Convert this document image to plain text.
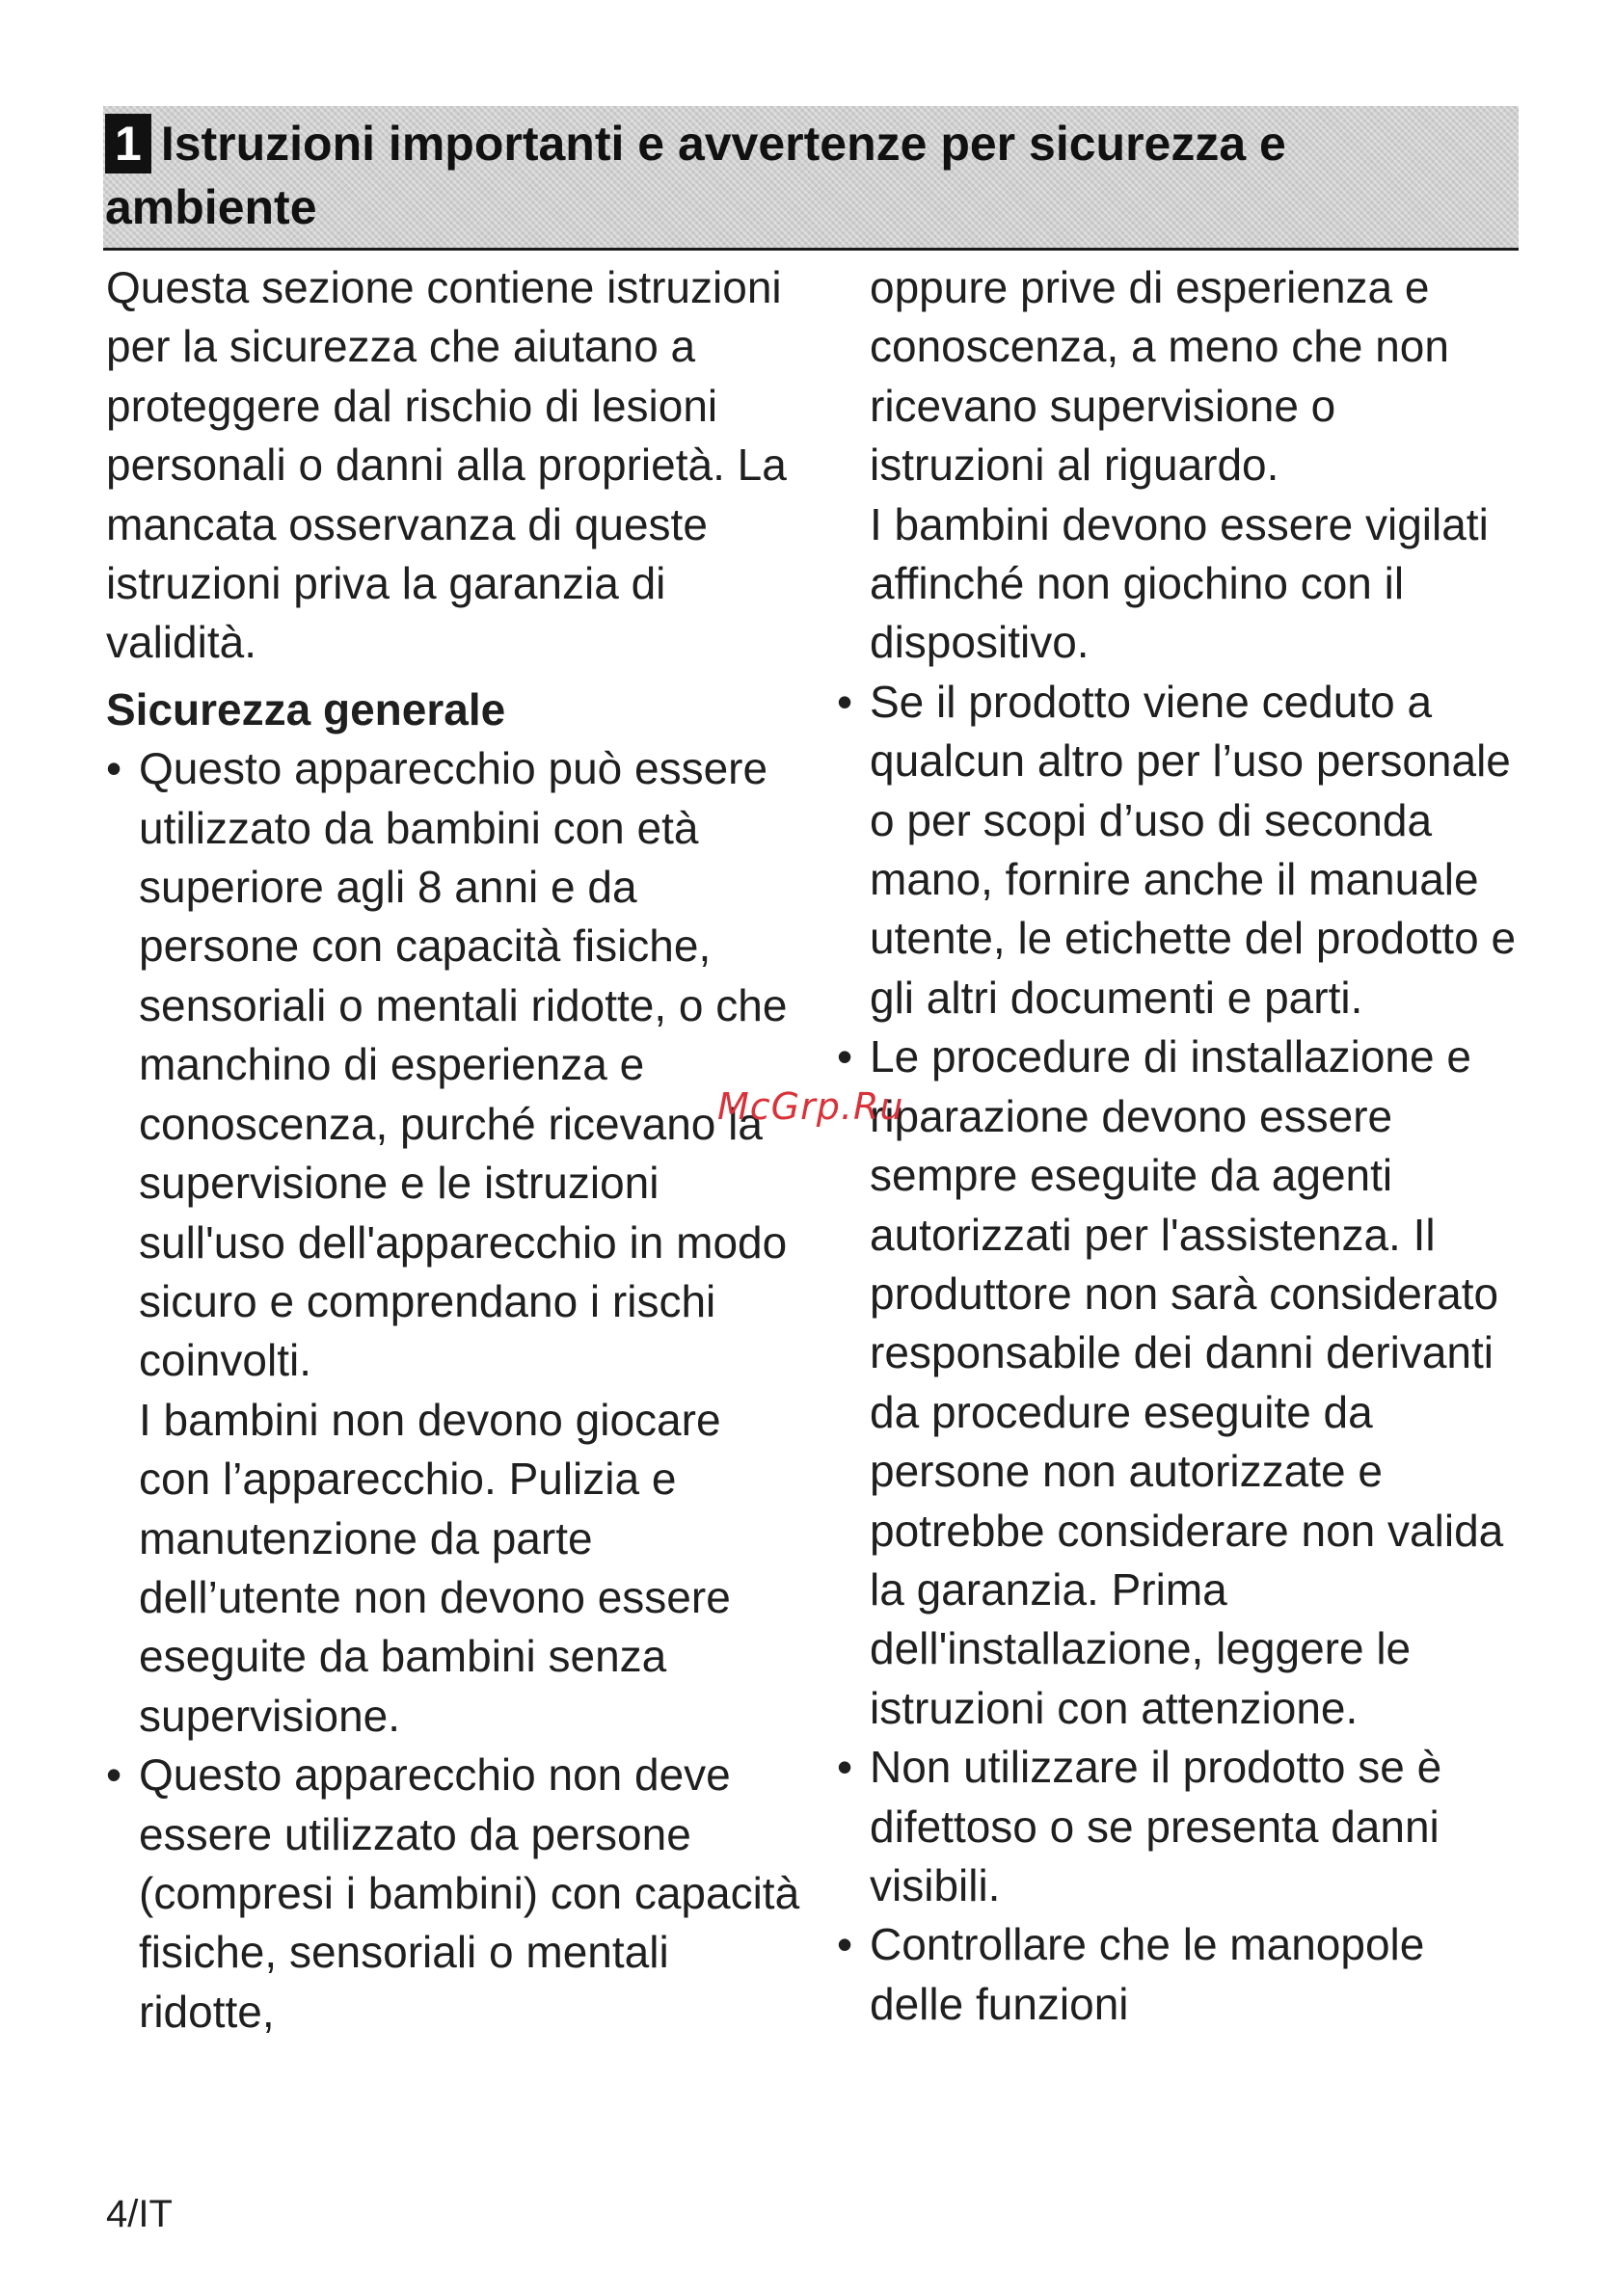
1 Istruzioni importanti e avvertenze per sicurezza e ambiente

Questa sezione contiene istruzioni per la sicurezza che aiutano a proteggere dal rischio di lesioni personali o danni alla proprietà. La mancata osservanza di queste istruzioni priva la garanzia di validità.

Sicurezza generale
• Questo apparecchio può essere utilizzato da bambini con età superiore agli 8 anni e da persone con capacità fisiche, sensoriali o mentali ridotte, o che manchino di esperienza e conoscenza, purché ricevano la supervisione e le istruzioni sull'uso dell'apparecchio in modo sicuro e comprendano i rischi coinvolti.

I bambini non devono giocare con l’apparecchio. Pulizia e manutenzione da parte dell’utente non devono essere eseguite da bambini senza supervisione.

• Questo apparecchio non deve essere utilizzato da persone (compresi i bambini) con capacità fisiche, sensoriali o mentali ridotte,

oppure prive di esperienza e conoscenza, a meno che non ricevano supervisione o istruzioni al riguardo.

I bambini devono essere vigilati affinché non giochino con il dispositivo.

• Se il prodotto viene ceduto a qualcun altro per l’uso personale o per scopi d’uso di seconda mano, fornire anche il manuale utente, le etichette del prodotto e gli altri documenti e parti.

• Le procedure di installazione e riparazione devono essere sempre eseguite da agenti autorizzati per l'assistenza. Il produttore non sarà considerato responsabile dei danni derivanti da procedure eseguite da persone non autorizzate e potrebbe considerare non valida la garanzia. Prima dell'installazione, leggere le istruzioni con attenzione.

• Non utilizzare il prodotto se è difettoso o se presenta danni visibili.

• Controllare che le manopole delle funzioni

McGrp.Ru
4/IT
